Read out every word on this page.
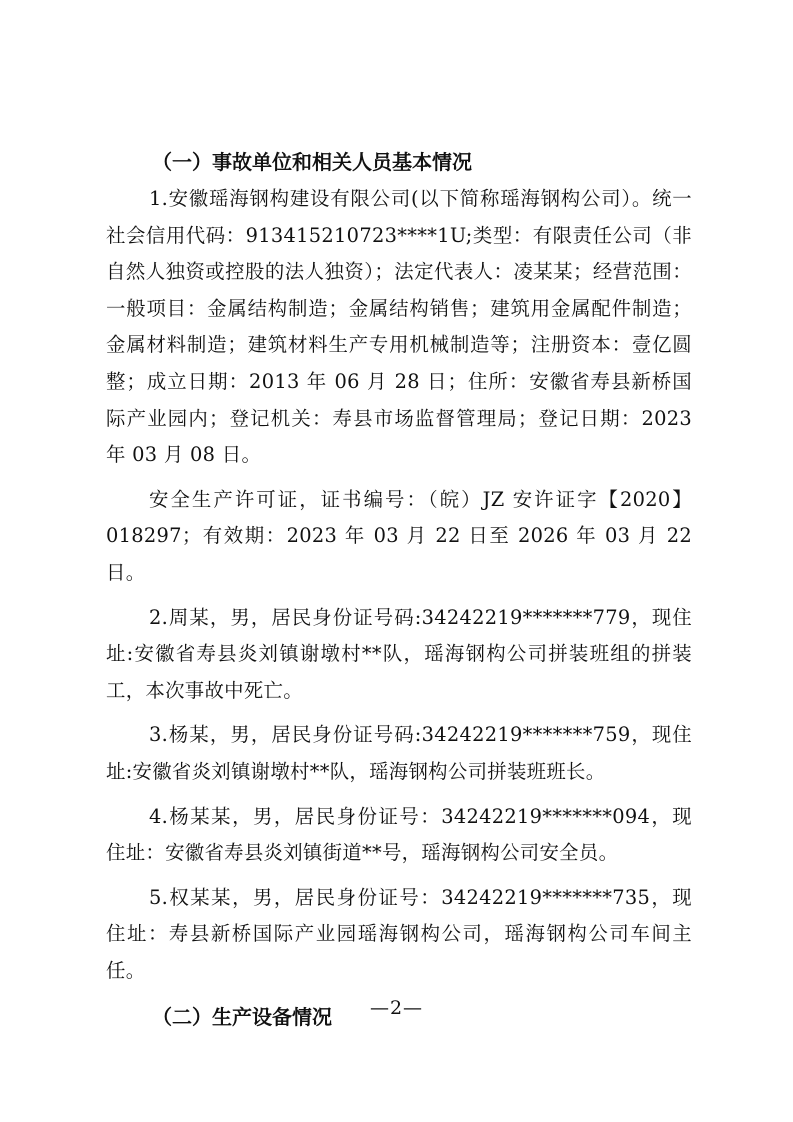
（一）事故单位和相关人员基本情况

1.安徽瑶海钢构建设有限公司(以下简称瑶海钢构公司）。统一社会信用代码：913415210723****1U;类型：有限责任公司（非自然人独资或控股的法人独资）；法定代表人：凌某某；经营范围：一般项目：金属结构制造；金属结构销售；建筑用金属配件制造；金属材料制造；建筑材料生产专用机械制造等；注册资本：壹亿圆整；成立日期：2013 年 06 月 28 日；住所：安徽省寿县新桥国际产业园内；登记机关：寿县市场监督管理局；登记日期：2023 年 03 月 08 日。

安全生产许可证，证书编号：（皖）JZ 安许证字【2020】018297；有效期：2023 年 03 月 22 日至 2026 年 03 月 22 日。

2.周某，男，居民身份证号码:34242219*******779，现住址:安徽省寿县炎刘镇谢墩村**队，瑶海钢构公司拼装班组的拼装工，本次事故中死亡。

3.杨某，男，居民身份证号码:34242219*******759，现住址:安徽省炎刘镇谢墩村**队，瑶海钢构公司拼装班班长。

4.杨某某，男，居民身份证号：34242219*******094，现住址：安徽省寿县炎刘镇街道**号，瑶海钢构公司安全员。

5.权某某，男，居民身份证号：34242219*******735，现住址：寿县新桥国际产业园瑶海钢构公司，瑶海钢构公司车间主任。

（二）生产设备情况	—2—
